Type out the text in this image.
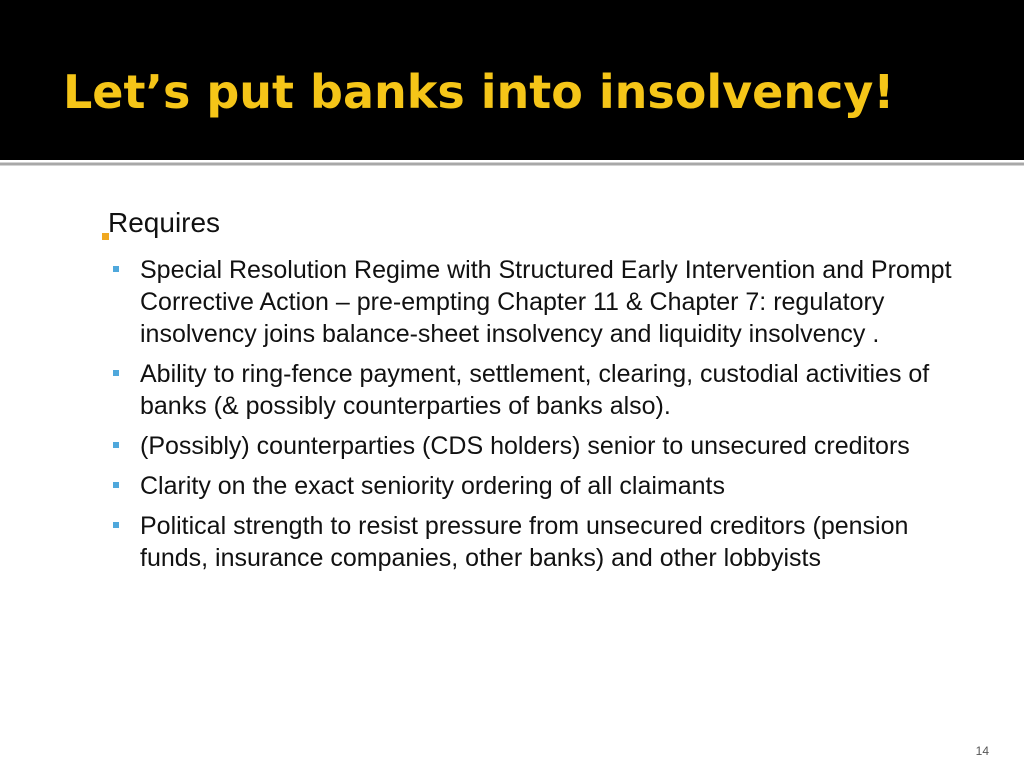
Let’s put banks into insolvency!
Requires
Special Resolution Regime with Structured Early Intervention and Prompt Corrective Action – pre-empting Chapter 11 & Chapter 7: regulatory insolvency joins balance-sheet insolvency and liquidity insolvency .
Ability to ring-fence payment, settlement, clearing, custodial activities of banks (& possibly counterparties of banks also).
(Possibly) counterparties (CDS holders) senior to unsecured creditors
Clarity on the exact seniority ordering of all claimants
Political strength to resist pressure from unsecured creditors (pension funds, insurance companies, other banks) and other lobbyists
14
